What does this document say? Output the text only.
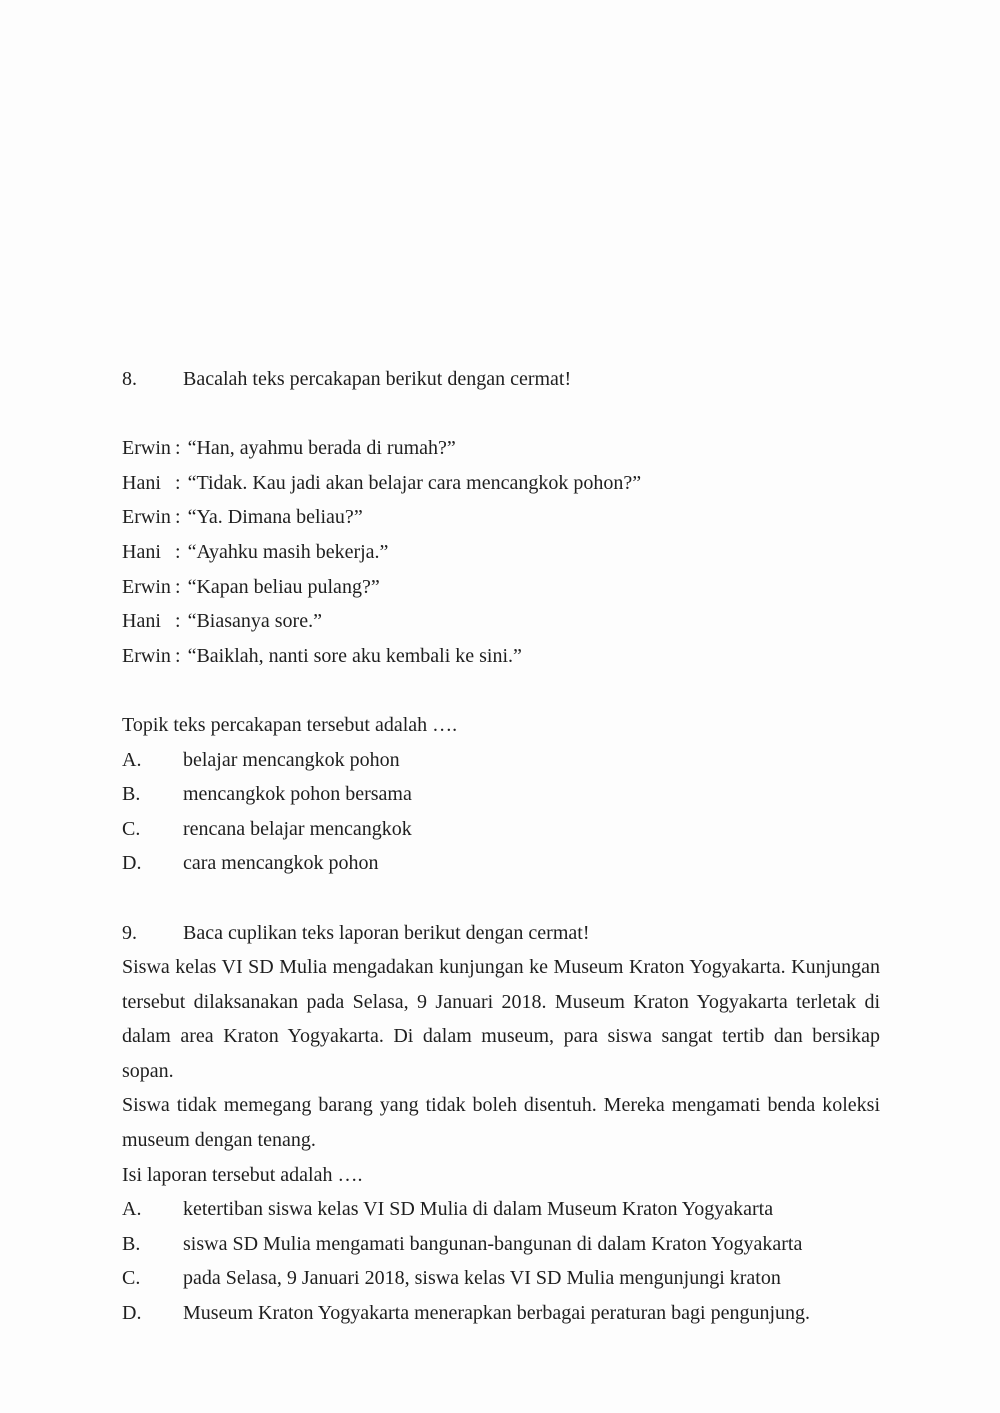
8.	Bacalah teks percakapan berikut dengan cermat!
Erwin : “Han, ayahmu berada di rumah?”
Hani : “Tidak. Kau jadi akan belajar cara mencangkok pohon?”
Erwin : “Ya. Dimana beliau?”
Hani : “Ayahku masih bekerja.”
Erwin : “Kapan beliau pulang?”
Hani : “Biasanya sore.”
Erwin : “Baiklah, nanti sore aku kembali ke sini.”
Topik teks percakapan tersebut adalah ….
A.	belajar mencangkok pohon
B.	mencangkok pohon bersama
C.	rencana belajar mencangkok
D.	cara mencangkok pohon
9.	Baca cuplikan teks laporan berikut dengan cermat!
Siswa kelas VI SD Mulia mengadakan kunjungan ke Museum Kraton Yogyakarta. Kunjungan
tersebut dilaksanakan pada Selasa, 9 Januari 2018. Museum Kraton Yogyakarta terletak di
dalam area Kraton Yogyakarta. Di dalam museum, para siswa sangat tertib dan bersikap sopan.
Siswa tidak memegang barang yang tidak boleh disentuh. Mereka mengamati benda koleksi
museum dengan tenang.
Isi laporan tersebut adalah ….
A.	ketertiban siswa kelas VI SD Mulia di dalam Museum Kraton Yogyakarta
B.	siswa SD Mulia mengamati bangunan-bangunan di dalam Kraton Yogyakarta
C.	pada Selasa, 9 Januari 2018, siswa kelas VI SD Mulia mengunjungi kraton
D.	Museum Kraton Yogyakarta menerapkan berbagai peraturan bagi pengunjung.
